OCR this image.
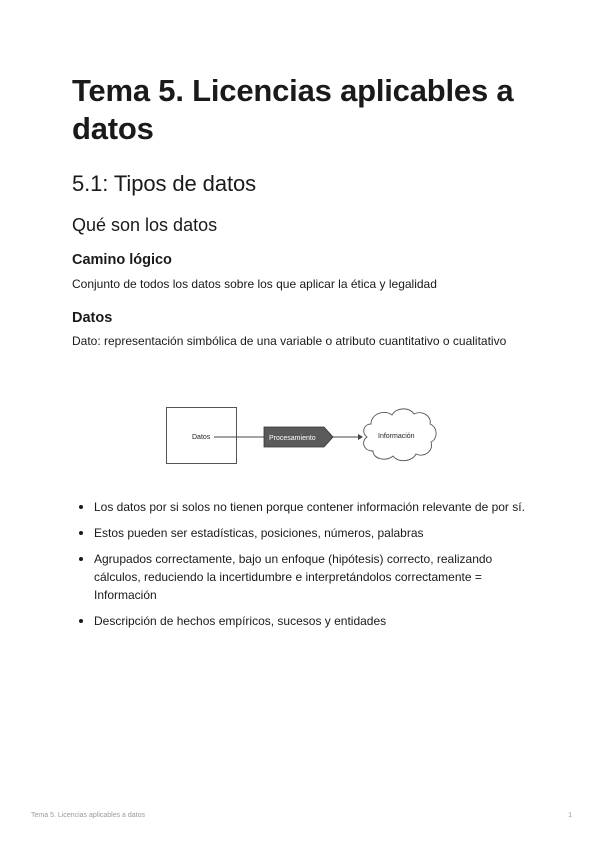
Tema 5. Licencias aplicables a datos
5.1: Tipos de datos
Qué son los datos
Camino lógico

Conjunto de todos los datos sobre los que aplicar la ética y legalidad

Datos

Dato: representación simbólica de una variable o atributo cuantitativo o cualitativo

Datos	Procesamiento	Información
Los datos por si solos no tienen porque contener información relevante de por sí.
Estos pueden ser estadísticas, posiciones, números, palabras
Agrupados correctamente, bajo un enfoque (hipótesis) correcto, realizando cálculos, reduciendo la incertidumbre e interpretándolos correctamente = Información
Descripción de hechos empíricos, sucesos y entidades
Tema 5. Licencias aplicables a datos	1
